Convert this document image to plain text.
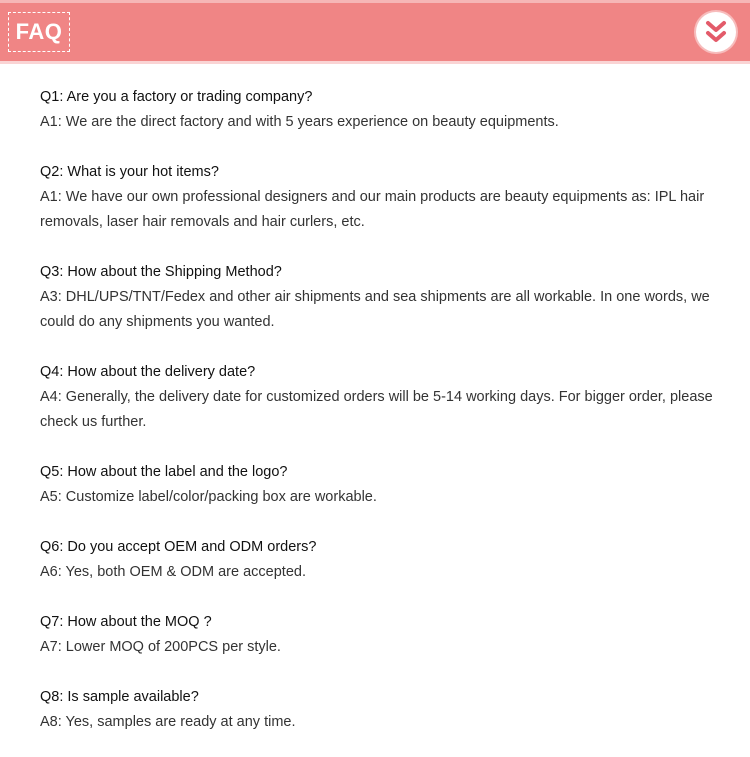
FAQ
Q1: Are you a factory or trading company?
A1: We are the direct factory and with 5 years experience on beauty equipments.
Q2: What is your hot items?
A1: We have our own professional designers and our main products are beauty equipments as: IPL hair removals, laser hair removals and hair curlers, etc.
Q3: How about the Shipping Method?
A3: DHL/UPS/TNT/Fedex and other air shipments and sea shipments are all workable. In one words, we could do any shipments you wanted.
Q4: How about the delivery date?
A4: Generally, the delivery date for customized orders will be 5-14 working days. For bigger order, please check us further.
Q5: How about the label and the logo?
A5: Customize label/color/packing box are workable.
Q6: Do you accept OEM and ODM orders?
A6: Yes, both OEM & ODM are accepted.
Q7: How about the MOQ ?
A7: Lower MOQ of 200PCS per style.
Q8: Is sample available?
A8: Yes, samples are ready at any time.
